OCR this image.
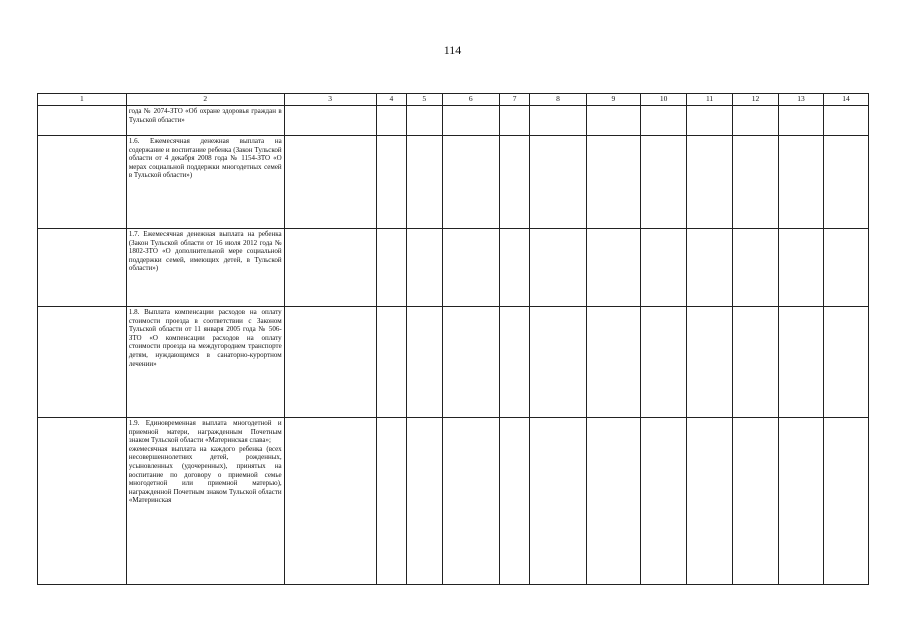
114
1	2	3	4	5	6	7	8	9	10	11	12	13	14

	года № 2074-ЗТО «Об охране здоровья граждан в Тульской области»												

	1.6. Ежемесячная денежная выплата на содержание и воспитание ребенка (Закон Тульской области от 4 декабря 2008 года № 1154-ЗТО «О мерах социальной поддержки многодетных семей в Тульской области»)												

	1.7. Ежемесячная денежная выплата на ребенка (Закон Тульской области от 16 июля 2012 года № 1802-ЗТО «О дополнительной мере социальной поддержки семей, имеющих детей, в Тульской области»)												

	1.8. Выплата компенсации расходов на оплату стоимости проезда в соответствии с Законом Тульской области от 11 января 2005 года № 506-ЗТО «О компенсации расходов на оплату стоимости проезда на междугороднем транспорте детям, нуждающимся в санаторно-курортном лечении»												

	1.9. Единовременная выплата многодетной и приемной матери, награжденным Почетным знаком Тульской области «Материнская слава»;
ежемесячная выплата на каждого ребенка (всех несовершеннолетних детей, рожденных, усыновленных (удочеренных), принятых на воспитание по договору о приемной семье многодетной или приемной матерью), награжденной Почетным знаком Тульской области «Материнская												
